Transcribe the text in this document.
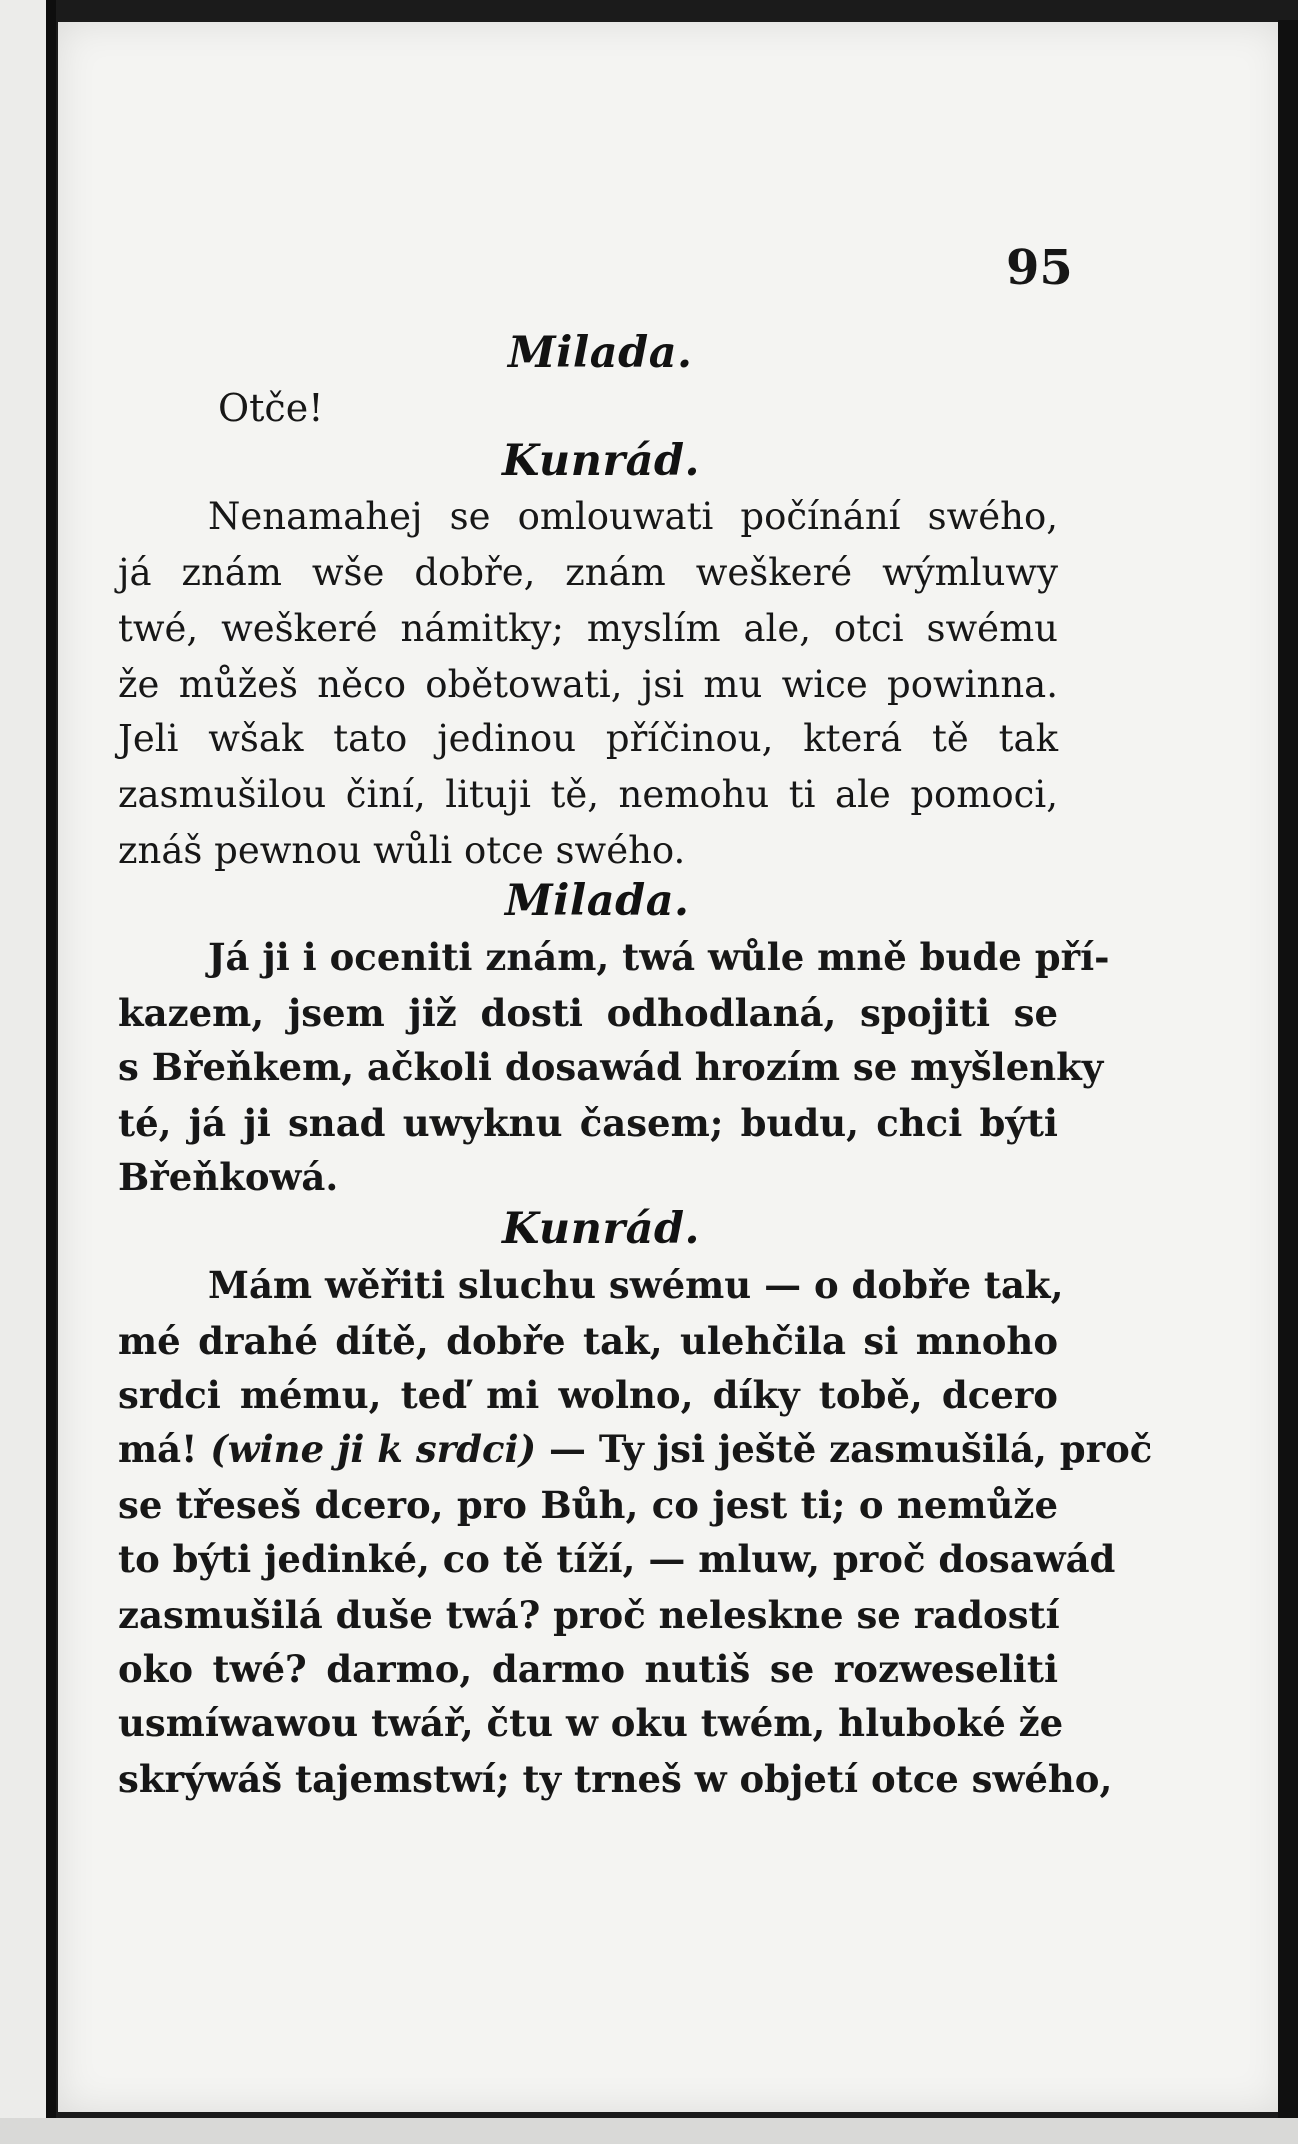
95
Milada.
Otče!
Kunrád.
Nenamahej se omlouwati počínání swého,
já znám wše dobře, znám weškeré wýmluwy
twé, weškeré námitky; myslím ale, otci swému
že můžeš něco obětowati, jsi mu wice powinna.
Jeli wšak tato jedinou příčinou, která tě tak
zasmušilou činí, lituji tě, nemohu ti ale pomoci,
znáš pewnou wůli otce swého.
Milada.
Já ji i oceniti znám, twá wůle mně bude pří-
kazem, jsem již dosti odhodlaná, spojiti se
s Břeňkem, ačkoli dosawád hrozím se myšlenky
té, já ji snad uwyknu časem; budu, chci býti
Břeňkowá.
Kunrád.
Mám wěřiti sluchu swému — o dobře tak,
mé drahé dítě, dobře tak, ulehčila si mnoho
srdci mému, teď mi wolno, díky tobě, dcero
má! (wine ji k srdci) — Ty jsi ještě zasmušilá, proč
se třeseš dcero, pro Bůh, co jest ti; o nemůže
to býti jedinké, co tě tíží, — mluw, proč dosawád
zasmušilá duše twá? proč neleskne se radostí
oko twé? darmo, darmo nutiš se rozweseliti
usmíwawou twář, čtu w oku twém, hluboké že
skrýwáš tajemstwí; ty trneš w objetí otce swého,
